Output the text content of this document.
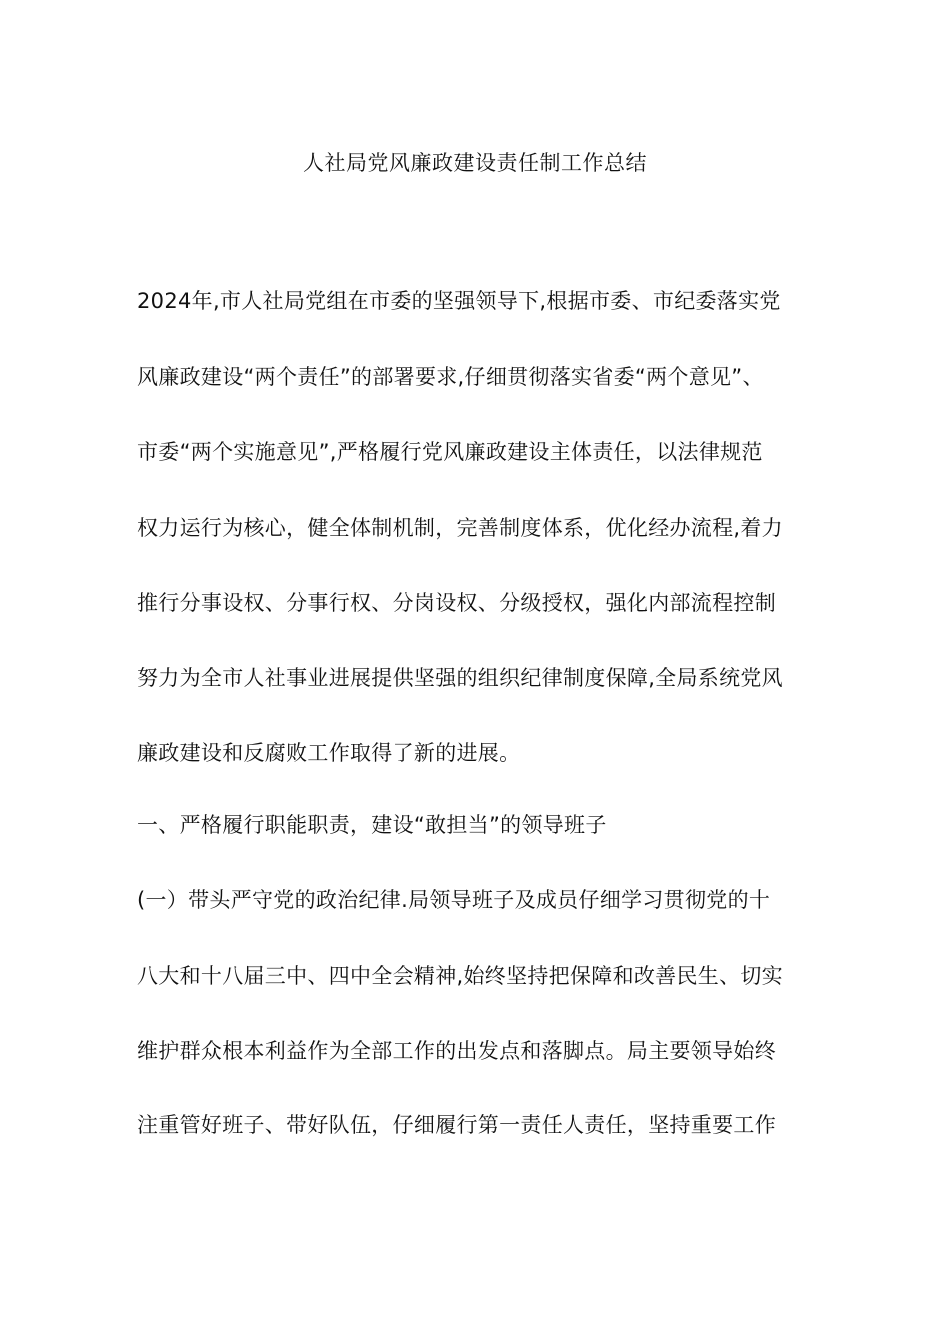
人社局党风廉政建设责任制工作总结
2024年,市人社局党组在市委的坚强领导下,根据市委、市纪委落实党
风廉政建设“两个责任”的部署要求,仔细贯彻落实省委“两个意见”、
市委“两个实施意见”,严格履行党风廉政建设主体责任，以法律规范
权力运行为核心，健全体制机制，完善制度体系，优化经办流程,着力
推行分事设权、分事行权、分岗设权、分级授权，强化内部流程控制
努力为全市人社事业进展提供坚强的组织纪律制度保障,全局系统党风
廉政建设和反腐败工作取得了新的进展。
一、严格履行职能职责，建设“敢担当”的领导班子
(一）带头严守党的政治纪律.局领导班子及成员仔细学习贯彻党的十
八大和十八届三中、四中全会精神,始终坚持把保障和改善民生、切实
维护群众根本利益作为全部工作的出发点和落脚点。局主要领导始终
注重管好班子、带好队伍，仔细履行第一责任人责任，坚持重要工作
